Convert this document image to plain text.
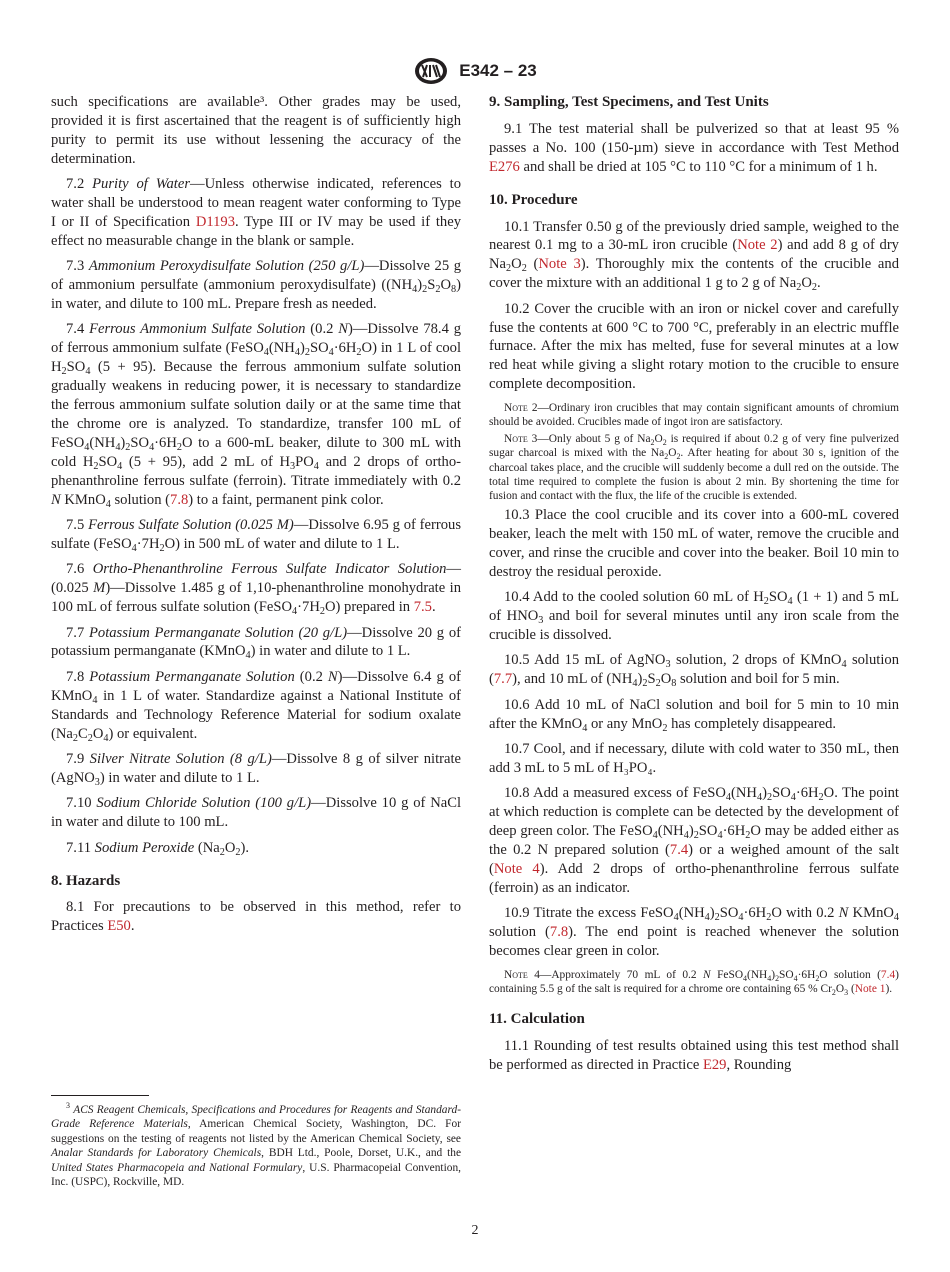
E342 – 23

such specifications are available³. Other grades may be used, provided it is first ascertained that the reagent is of sufficiently high purity to permit its use without lessening the accuracy of the determination.

7.2 Purity of Water—Unless otherwise indicated, references to water shall be understood to mean reagent water conforming to Type I or II of Specification D1193. Type III or IV may be used if they effect no measurable change in the blank or sample.

7.3 Ammonium Peroxydisulfate Solution (250 g/L)—Dissolve 25 g of ammonium persulfate (ammonium peroxydisulfate) $((NH_4)_2S_2O_8)$ in water, and dilute to 100 mL. Prepare fresh as needed.

7.4 Ferrous Ammonium Sulfate Solution (0.2 N)—Dissolve 78.4 g of ferrous ammonium sulfate $(FeSO_4(NH_4)_2SO_4\cdot 6H_2O)$ in 1 L of cool $H_2SO_4$ (5 + 95). Because the ferrous ammonium sulfate solution gradually weakens in reducing power, it is necessary to standardize the ferrous ammonium sulfate solution daily or at the same time that the chrome ore is analyzed. To standardize, transfer 100 mL of $FeSO_4(NH_4)_2SO_4\cdot 6H_2O$ to a 600-mL beaker, dilute to 300 mL with cold $H_2SO_4$ (5 + 95), add 2 mL of $H_3PO_4$ and 2 drops of ortho-phenanthroline ferrous sulfate (ferroin). Titrate immediately with 0.2 N KMnO$_4$ solution (7.8) to a faint, permanent pink color.

7.5 Ferrous Sulfate Solution (0.025 M)—Dissolve 6.95 g of ferrous sulfate $(FeSO_4\cdot 7H_2O)$ in 500 mL of water and dilute to 1 L.

7.6 Ortho-Phenanthroline Ferrous Sulfate Indicator Solution—(0.025 M)—Dissolve 1.485 g of 1,10-phenanthroline monohydrate in 100 mL of ferrous sulfate solution $(FeSO_4\cdot 7H_2O)$ prepared in 7.5.

7.7 Potassium Permanganate Solution (20 g/L)—Dissolve 20 g of potassium permanganate (KMnO$_4$) in water and dilute to 1 L.

7.8 Potassium Permanganate Solution (0.2 N)—Dissolve 6.4 g of KMnO$_4$ in 1 L of water. Standardize against a National Institute of Standards and Technology Reference Material for sodium oxalate $(Na_2C_2O_4)$ or equivalent.

7.9 Silver Nitrate Solution (8 g/L)—Dissolve 8 g of silver nitrate (AgNO$_3$) in water and dilute to 1 L.

7.10 Sodium Chloride Solution (100 g/L)—Dissolve 10 g of NaCl in water and dilute to 100 mL.

7.11 Sodium Peroxide $(Na_2O_2)$.

8. Hazards

8.1 For precautions to be observed in this method, refer to Practices E50.

$^3$ ACS Reagent Chemicals, Specifications and Procedures for Reagents and Standard-Grade Reference Materials, American Chemical Society, Washington, DC. For suggestions on the testing of reagents not listed by the American Chemical Society, see Analar Standards for Laboratory Chemicals, BDH Ltd., Poole, Dorset, U.K., and the United States Pharmacopeia and National Formulary, U.S. Pharmacopeial Convention, Inc. (USPC), Rockville, MD.
9. Sampling, Test Specimens, and Test Units

9.1 The test material shall be pulverized so that at least 95 % passes a No. 100 (150-µm) sieve in accordance with Test Method E276 and shall be dried at 105 °C to 110 °C for a minimum of 1 h.

10. Procedure

10.1 Transfer 0.50 g of the previously dried sample, weighed to the nearest 0.1 mg to a 30-mL iron crucible (Note 2) and add 8 g of dry $Na_2O_2$ (Note 3). Thoroughly mix the contents of the crucible and cover the mixture with an additional 1 g to 2 g of $Na_2O_2$.

10.2 Cover the crucible with an iron or nickel cover and carefully fuse the contents at 600 °C to 700 °C, preferably in an electric muffle furnace. After the mix has melted, fuse for several minutes at a low red heat while giving a slight rotary motion to the crucible to ensure complete decomposition.

Note 2—Ordinary iron crucibles that may contain significant amounts of chromium should be avoided. Crucibles made of ingot iron are satisfactory.

Note 3—Only about 5 g of $Na_2O_2$ is required if about 0.2 g of very fine pulverized sugar charcoal is mixed with the $Na_2O_2$. After heating for about 30 s, ignition of the charcoal takes place, and the crucible will suddenly become a dull red on the outside. The total time required to complete the fusion is about 2 min. By shortening the time for fusion and contact with the flux, the life of the crucible is extended.

10.3 Place the cool crucible and its cover into a 600-mL covered beaker, leach the melt with 150 mL of water, remove the crucible and cover, and rinse the crucible and cover into the beaker. Boil 10 min to destroy the residual peroxide.

10.4 Add to the cooled solution 60 mL of $H_2SO_4$ (1 + 1) and 5 mL of $HNO_3$ and boil for several minutes until any iron scale from the crucible is dissolved.

10.5 Add 15 mL of AgNO$_3$ solution, 2 drops of KMnO$_4$ solution (7.7), and 10 mL of $(NH_4)_2S_2O_8$ solution and boil for 5 min.

10.6 Add 10 mL of NaCl solution and boil for 5 min to 10 min after the KMnO$_4$ or any MnO$_2$ has completely disappeared.

10.7 Cool, and if necessary, dilute with cold water to 350 mL, then add 3 mL to 5 mL of H₃PO₄.

10.8 Add a measured excess of $FeSO_4(NH_4)_2SO_4\cdot 6H_2O$. The point at which reduction is complete can be detected by the development of deep green color. The $FeSO_4(NH_4)_2SO_4\cdot 6H_2O$ may be added either as the 0.2 N prepared solution (7.4) or a weighed amount of the salt (Note 4). Add 2 drops of ortho-phenanthroline ferrous sulfate (ferroin) as an indicator.

10.9 Titrate the excess $FeSO_4(NH_4)_2SO_4\cdot 6H_2O$ with 0.2 N KMnO$_4$ solution (7.8). The end point is reached whenever the solution becomes clear green in color.

Note 4—Approximately 70 mL of 0.2 N $FeSO_4(NH_4)_2SO_4\cdot 6H_2O$ solution (7.4) containing 5.5 g of the salt is required for a chrome ore containing 65 % $Cr_2O_3$ (Note 1).

11. Calculation

11.1 Rounding of test results obtained using this test method shall be performed as directed in Practice E29, Rounding

2
